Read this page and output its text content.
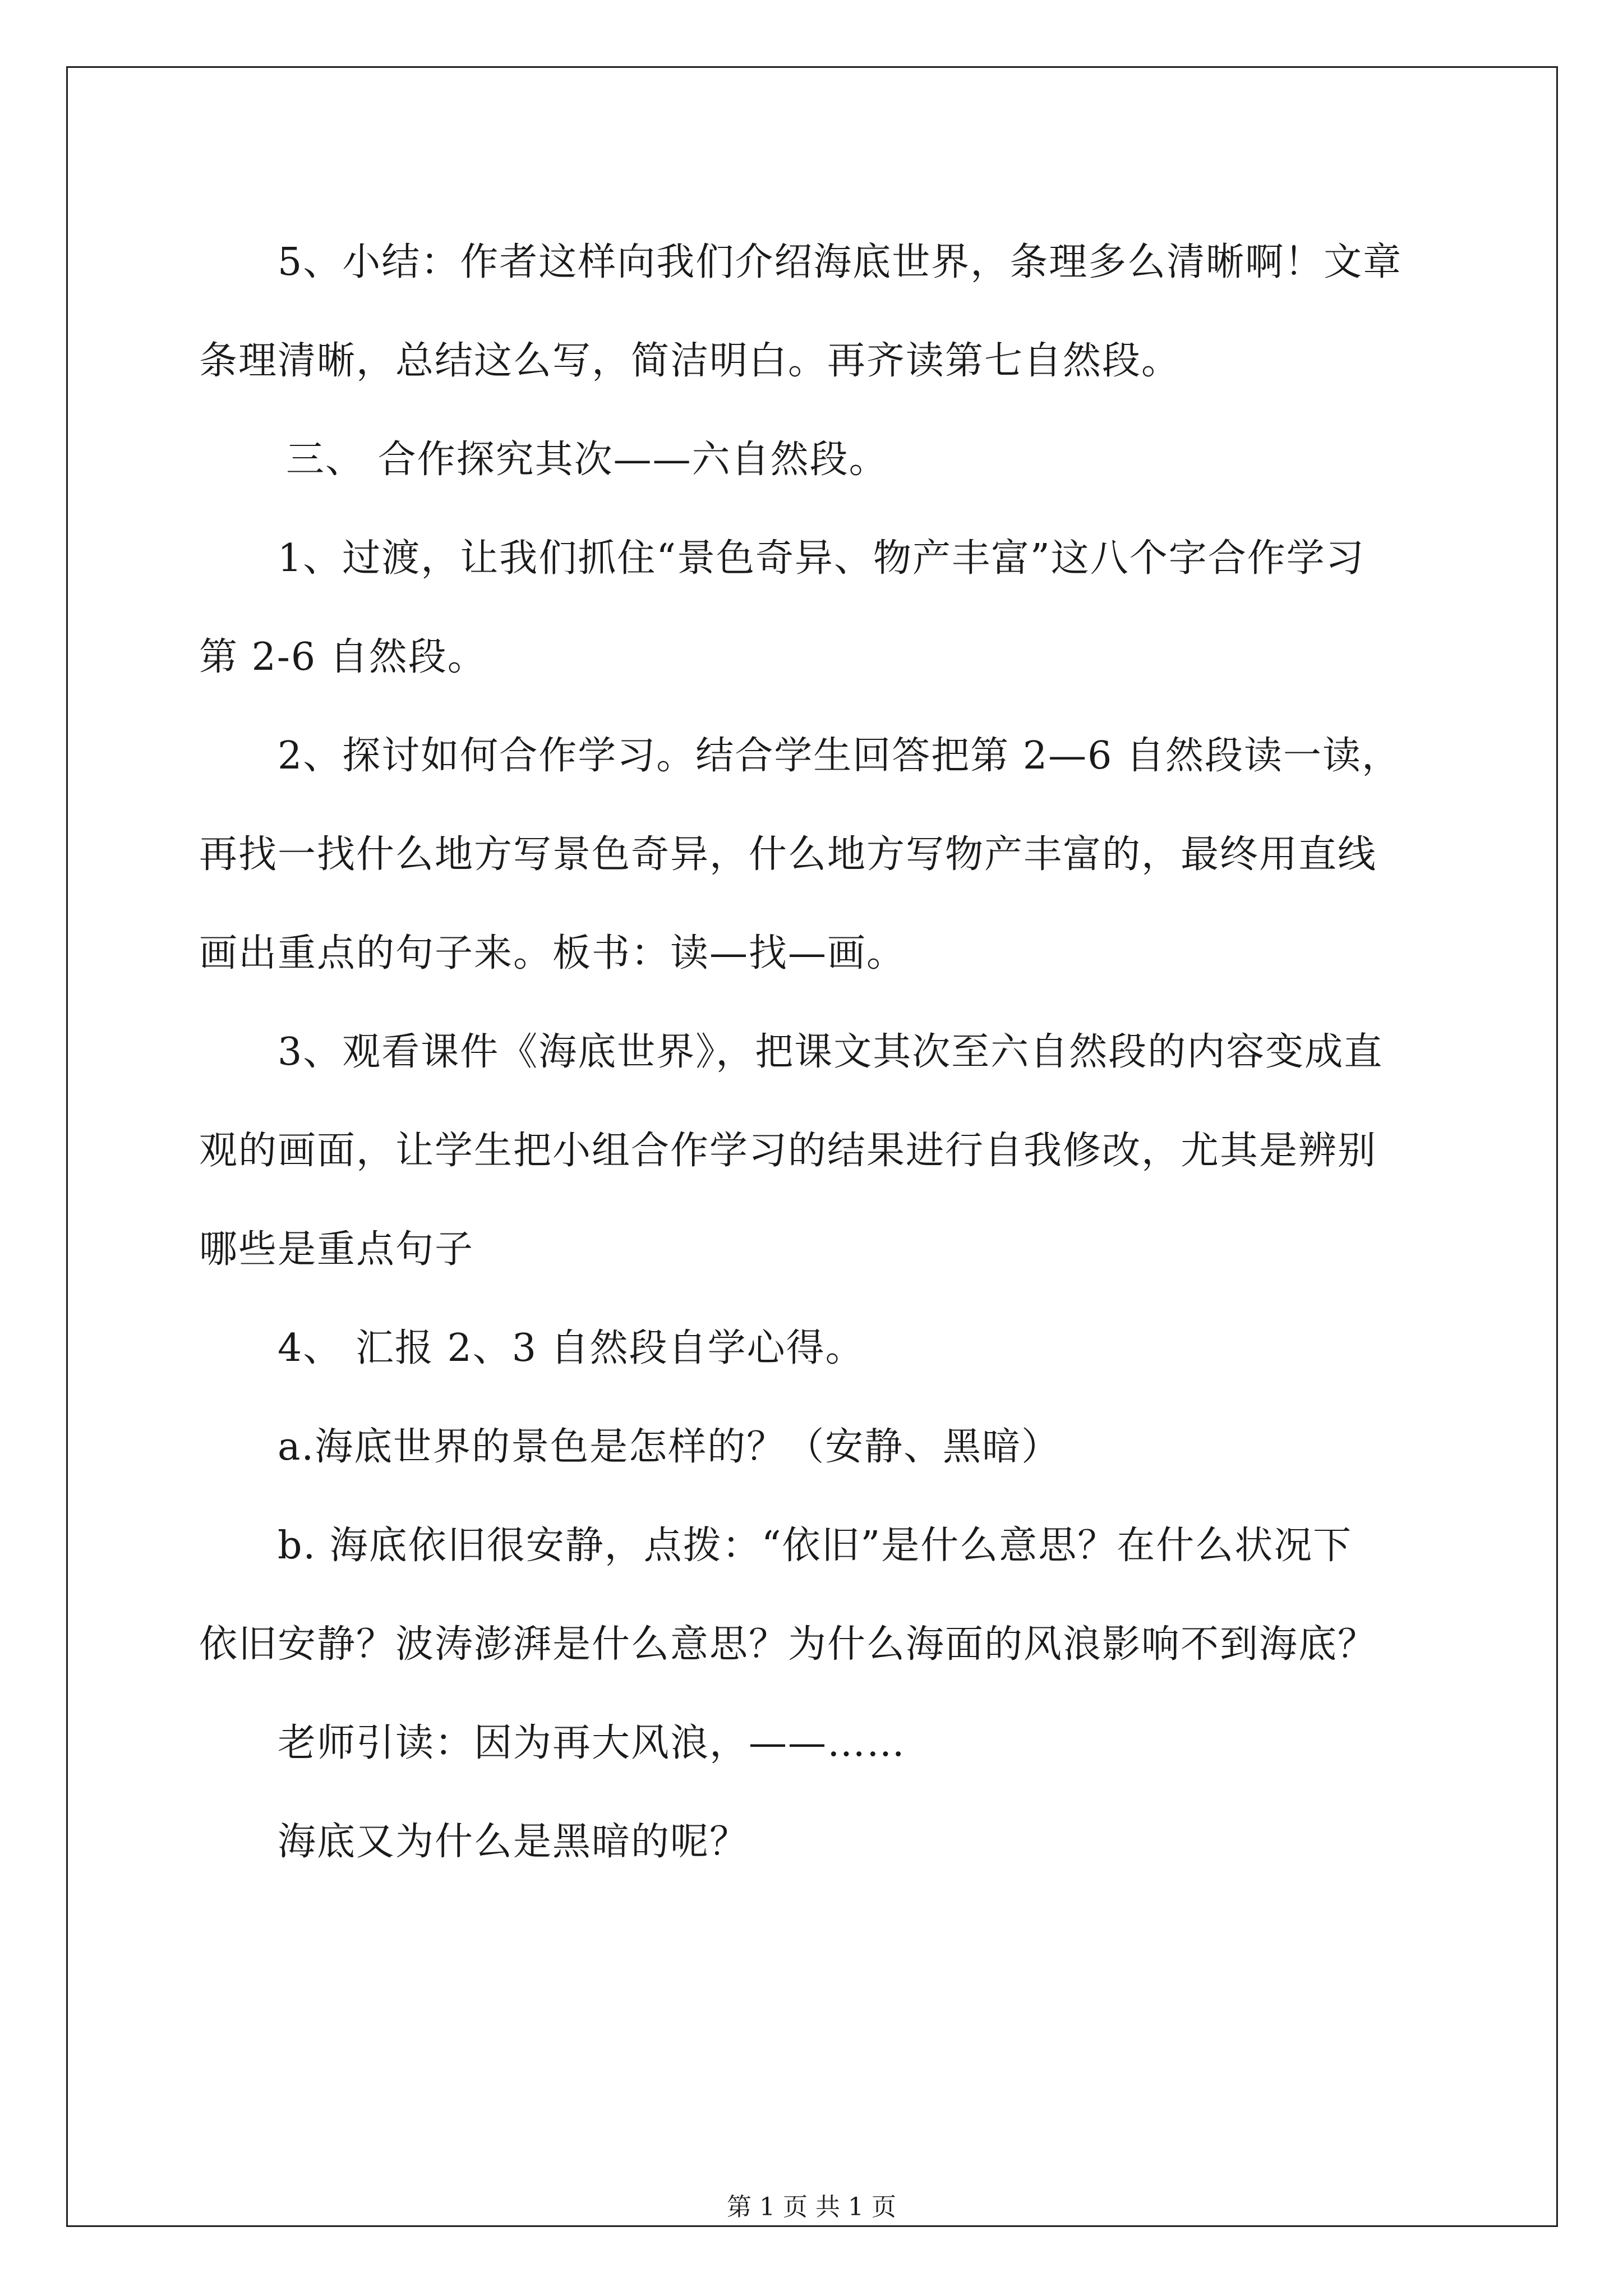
5、小结：作者这样向我们介绍海底世界，条理多么清晰啊！文章
条理清晰，总结这么写，简洁明白。再齐读第七自然段。
三、 合作探究其次——六自然段。
1、过渡，让我们抓住“景色奇异、物产丰富”这八个字合作学习
第 2-6 自然段。
2、探讨如何合作学习。结合学生回答把第 2—6 自然段读一读，
再找一找什么地方写景色奇异，什么地方写物产丰富的，最终用直线
画出重点的句子来。板书：读—找—画。
3、观看课件《海底世界》，把课文其次至六自然段的内容变成直
观的画面，让学生把小组合作学习的结果进行自我修改，尤其是辨别
哪些是重点句子
4、 汇报 2、3 自然段自学心得。
a.海底世界的景色是怎样的？（安静、黑暗）
b. 海底依旧很安静，点拨：“依旧”是什么意思？在什么状况下
依旧安静？波涛澎湃是什么意思？为什么海面的风浪影响不到海底？
老师引读：因为再大风浪，——……
海底又为什么是黑暗的呢？
第 1 页 共 1 页
